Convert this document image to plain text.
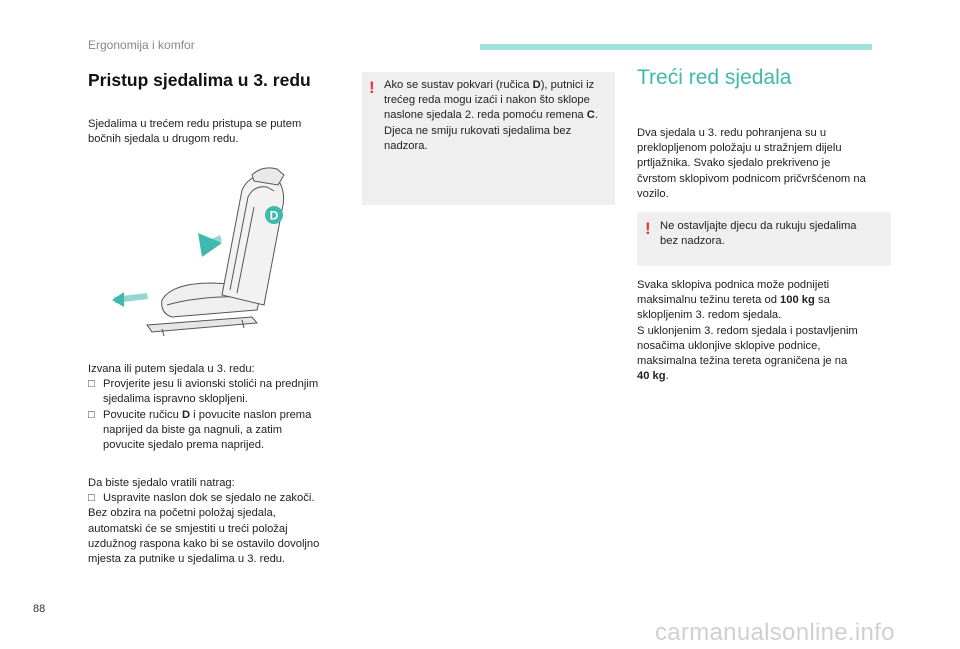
Ergonomija i komfor
Pristup sjedalima u 3. redu
Sjedalima u trećem redu pristupa se putem
bočnih sjedala u drugom redu.
D
Izvana ili putem sjedala u 3. redu:
□ Provjerite jesu li avionski stolići na prednjim
sjedalima ispravno sklopljeni.
□ Povucite ručicu D i povucite naslon prema
naprijed da biste ga nagnuli, a zatim
povucite sjedalo prema naprijed.
Da biste sjedalo vratili natrag:
□ Uspravite naslon dok se sjedalo ne zakoči.
Bez obzira na početni položaj sjedala,
automatski će se smjestiti u treći položaj
uzdužnog raspona kako bi se ostavilo dovoljno
mjesta za putnike u sjedalima u 3. redu.
! Ako se sustav pokvari (ručica D), putnici iz
trećeg reda mogu izaći i nakon što sklope
naslone sjedala 2. reda pomoću remena C.
Djeca ne smiju rukovati sjedalima bez
nadzora.
Treći red sjedala
Dva sjedala u 3. redu pohranjena su u
preklopljenom položaju u stražnjem dijelu
prtljažnika. Svako sjedalo prekriveno je
čvrstom sklopivom podnicom pričvršćenom na
vozilo.
! Ne ostavljajte djecu da rukuju sjedalima
bez nadzora.
Svaka sklopiva podnica može podnijeti
maksimalnu težinu tereta od 100 kg sa
sklopljenim 3. redom sjedala.
S uklonjenim 3. redom sjedala i postavljenim
nosačima uklonjive sklopive podnice,
maksimalna težina tereta ograničena je na
40 kg.
88
carmanualsonline.info
